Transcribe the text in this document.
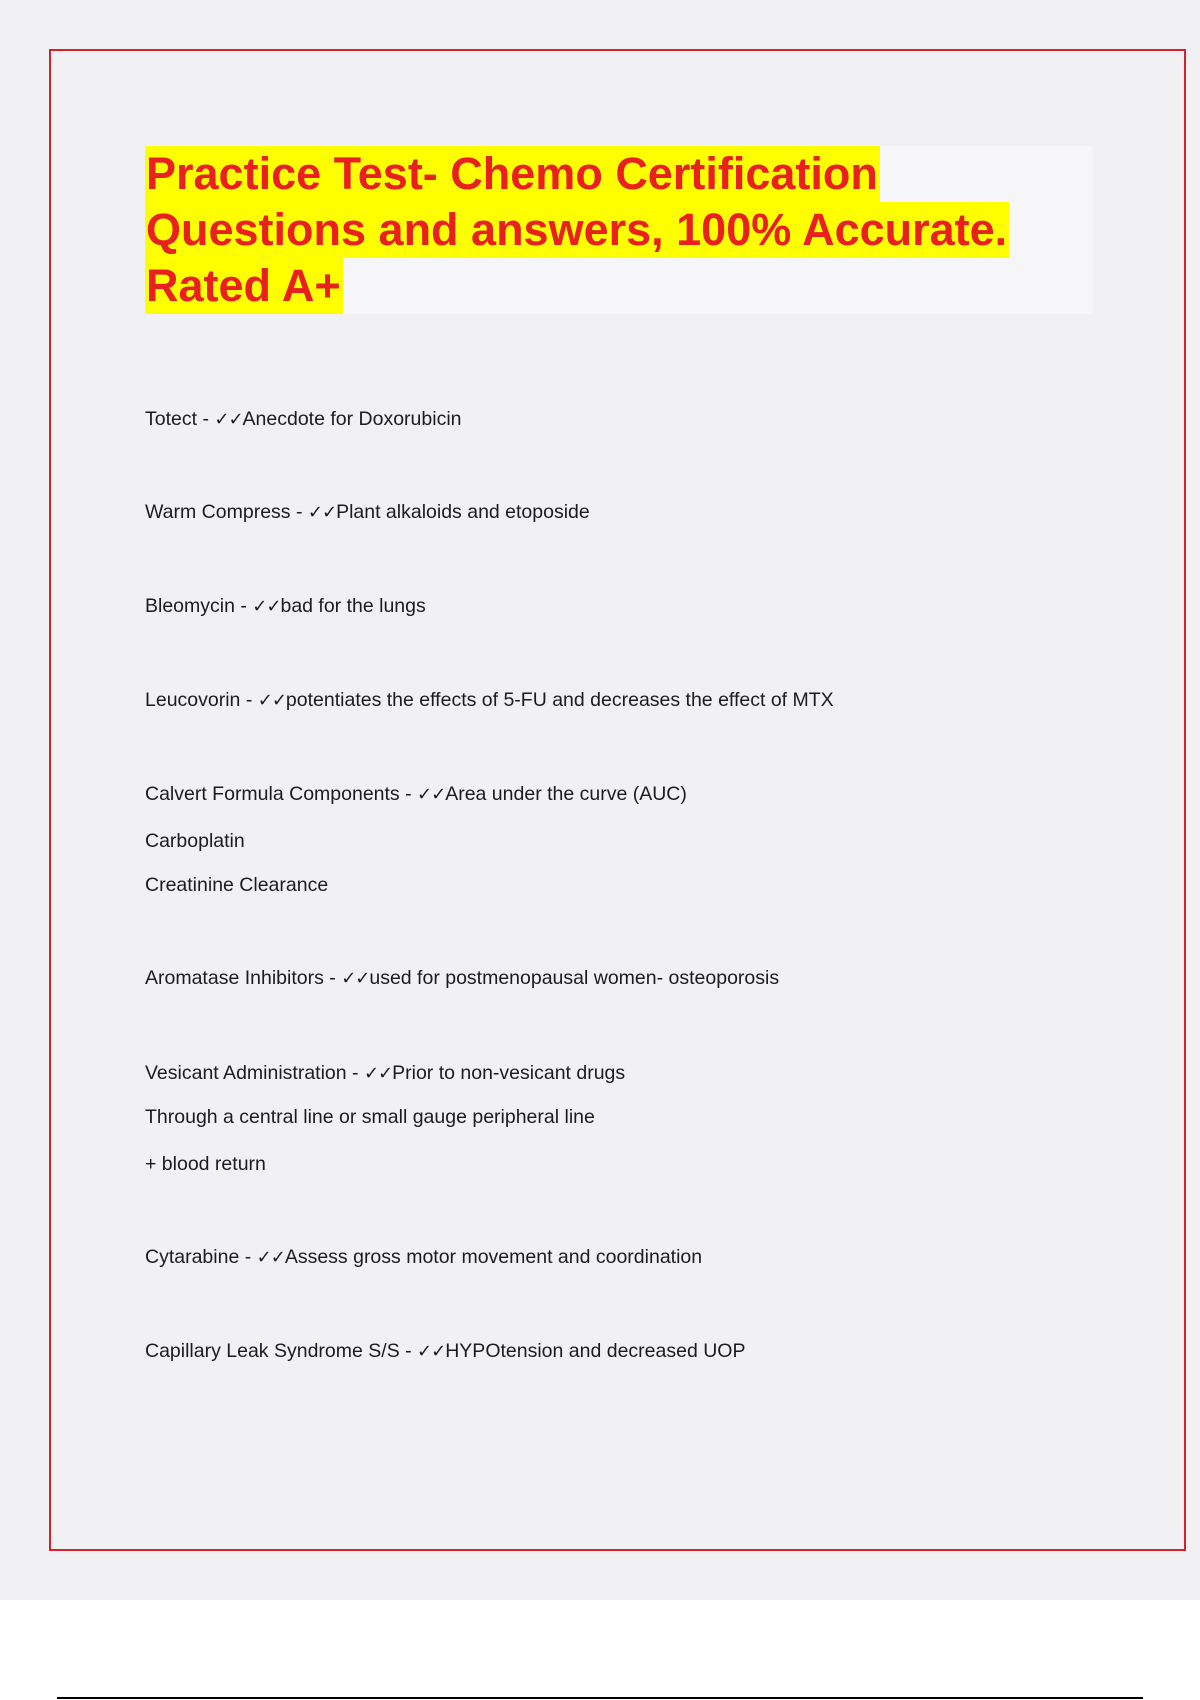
Practice Test- Chemo Certification
Questions and answers, 100% Accurate.
Rated A+
Totect - ✓✓Anecdote for Doxorubicin
Warm Compress - ✓✓Plant alkaloids and etoposide
Bleomycin - ✓✓bad for the lungs
Leucovorin - ✓✓potentiates the effects of 5-FU and decreases the effect of MTX
Calvert Formula Components - ✓✓Area under the curve (AUC)
Carboplatin
Creatinine Clearance
Aromatase Inhibitors - ✓✓used for postmenopausal women- osteoporosis
Vesicant Administration - ✓✓Prior to non-vesicant drugs
Through a central line or small gauge peripheral line
+ blood return
Cytarabine - ✓✓Assess gross motor movement and coordination
Capillary Leak Syndrome S/S - ✓✓HYPOtension and decreased UOP
